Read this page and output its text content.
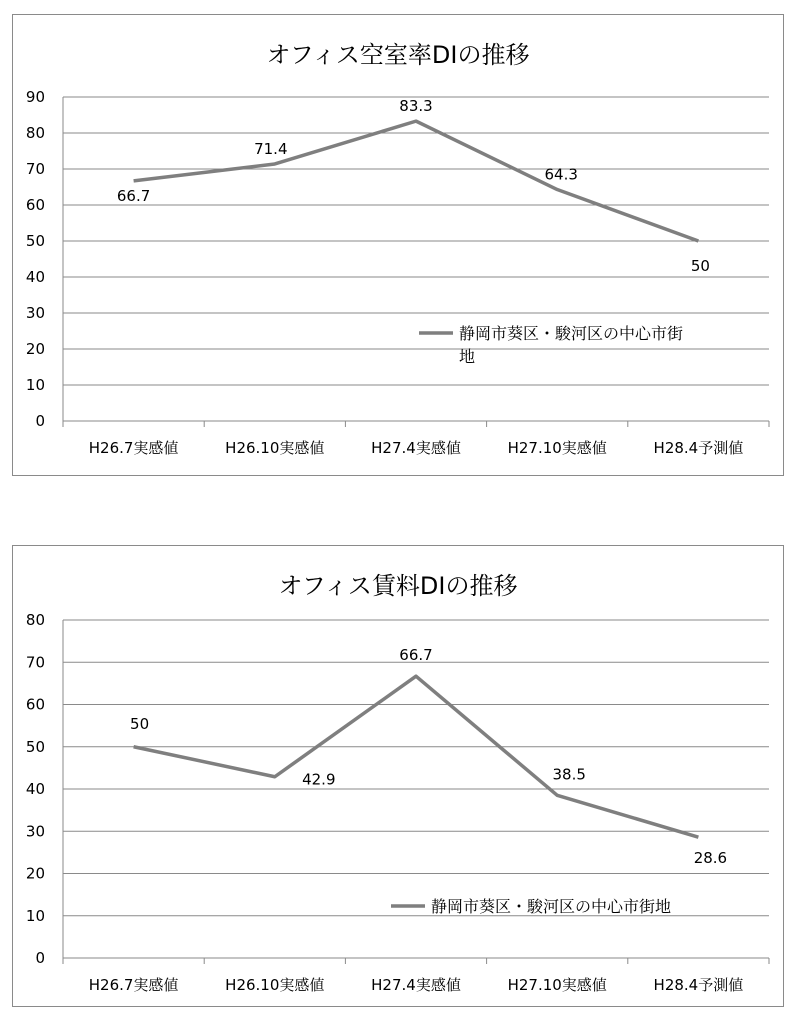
オフィス空室率DIの推移
0
10
20
30
40
50
60
70
80
90
H26.7実感値	H26.10実感値	H27.4実感値	H27.10実感値	H28.4予測値
66.7
71.4
83.3
64.3
50
静岡市葵区・駿河区の中心市街
地
オフィス賃料DIの推移
0
10
20
30
40
50
60
70
80
H26.7実感値	H26.10実感値	H27.4実感値	H27.10実感値	H28.4予測値
50
42.9
66.7
38.5
28.6
静岡市葵区・駿河区の中心市街地
